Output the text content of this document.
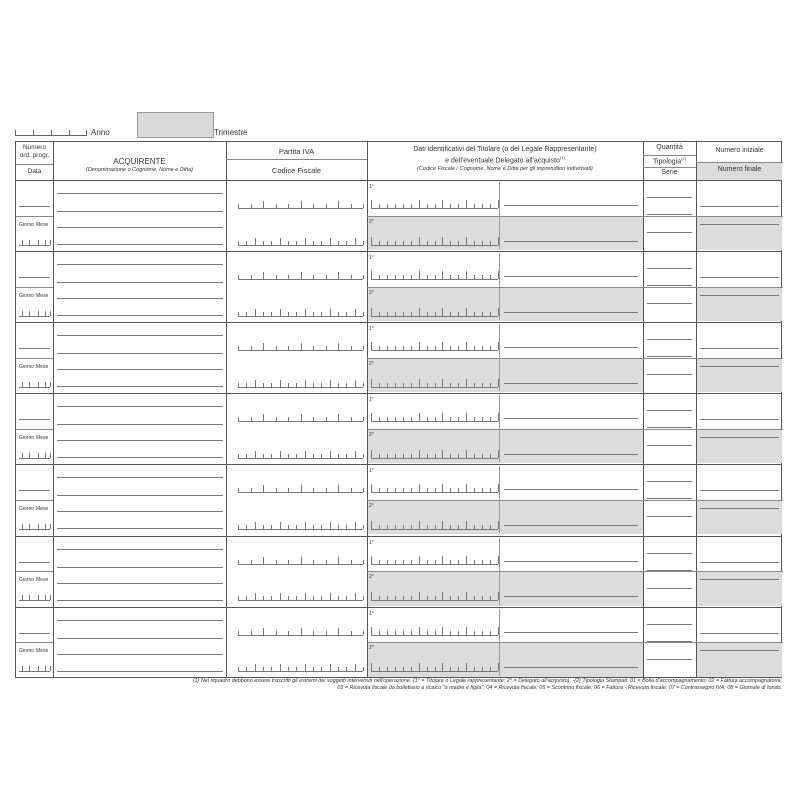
Anno	Trimestre
Numero
ord. progr.
Data
ACQUIRENTE
(Denominazione o Cognome, Nome e Ditta)
Partita IVA
Codice Fiscale
Dati identificativi del Titolare (o del Legale Rappresentante)
e dell'eventuale Delegato all'acquisto$^{(1)}$
(Codice Fiscale / Cognome, Nome e Ditta per gli imprenditori individuali)
Quantità
Tipologia$^{(2)}$
Serie
Numero iniziale
Numero finale
Giorno Mese
1°
2°
Giorno Mese
1°
2°
Giorno Mese
1°
2°
Giorno Mese
1°
2°
Giorno Mese
1°
2°
Giorno Mese
1°
2°
Giorno Mese
1°
2°
(1) Nel riquadro debbono essere trascritti gli estremi dei soggetti intervenuti nell'operazione. (1° = Titolare o Legale rappresentante; 2° = Delegato all'acquisto). -(2) Tipologia Stampati: 01 = Bolla d'accompagnamento; 02 = Fattura accompagnatoria;
03 = Ricevuta fiscale da bollettario a ricalco "a madre e figlia"; 04 = Ricevuta fiscale; 05 = Scontrino fiscale; 06 = Fattura - Ricevuta fiscale; 07 = Contrassegno IVA; 08 = Giornale di fondo.
